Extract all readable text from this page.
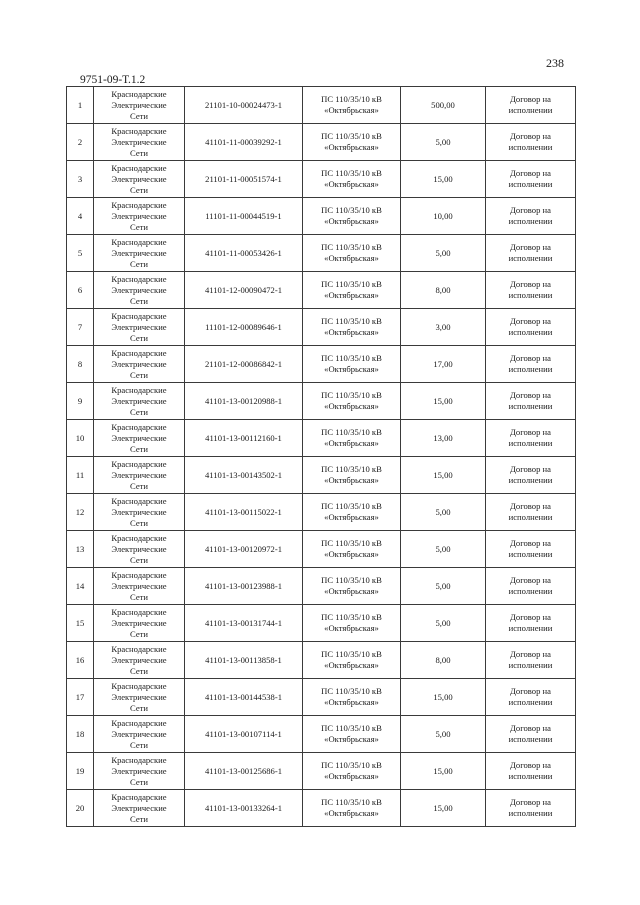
238
9751-09-Т.1.2
1	Краснодарские
Электрические
Сети	21101-10-00024473-1	ПС 110/35/10 кВ
«Октябрьская»	500,00	Договор на
исполнении

2	Краснодарские
Электрические
Сети	41101-11-00039292-1	ПС 110/35/10 кВ
«Октябрьская»	5,00	Договор на
исполнении

3	Краснодарские
Электрические
Сети	21101-11-00051574-1	ПС 110/35/10 кВ
«Октябрьская»	15,00	Договор на
исполнении

4	Краснодарские
Электрические
Сети	11101-11-00044519-1	ПС 110/35/10 кВ
«Октябрьская»	10,00	Договор на
исполнении

5	Краснодарские
Электрические
Сети	41101-11-00053426-1	ПС 110/35/10 кВ
«Октябрьская»	5,00	Договор на
исполнении

6	Краснодарские
Электрические
Сети	41101-12-00090472-1	ПС 110/35/10 кВ
«Октябрьская»	8,00	Договор на
исполнении

7	Краснодарские
Электрические
Сети	11101-12-00089646-1	ПС 110/35/10 кВ
«Октябрьская»	3,00	Договор на
исполнении

8	Краснодарские
Электрические
Сети	21101-12-00086842-1	ПС 110/35/10 кВ
«Октябрьская»	17,00	Договор на
исполнении

9	Краснодарские
Электрические
Сети	41101-13-00120988-1	ПС 110/35/10 кВ
«Октябрьская»	15,00	Договор на
исполнении

10	Краснодарские
Электрические
Сети	41101-13-00112160-1	ПС 110/35/10 кВ
«Октябрьская»	13,00	Договор на
исполнении

11	Краснодарские
Электрические
Сети	41101-13-00143502-1	ПС 110/35/10 кВ
«Октябрьская»	15,00	Договор на
исполнении

12	Краснодарские
Электрические
Сети	41101-13-00115022-1	ПС 110/35/10 кВ
«Октябрьская»	5,00	Договор на
исполнении

13	Краснодарские
Электрические
Сети	41101-13-00120972-1	ПС 110/35/10 кВ
«Октябрьская»	5,00	Договор на
исполнении

14	Краснодарские
Электрические
Сети	41101-13-00123988-1	ПС 110/35/10 кВ
«Октябрьская»	5,00	Договор на
исполнении

15	Краснодарские
Электрические
Сети	41101-13-00131744-1	ПС 110/35/10 кВ
«Октябрьская»	5,00	Договор на
исполнении

16	Краснодарские
Электрические
Сети	41101-13-00113858-1	ПС 110/35/10 кВ
«Октябрьская»	8,00	Договор на
исполнении

17	Краснодарские
Электрические
Сети	41101-13-00144538-1	ПС 110/35/10 кВ
«Октябрьская»	15,00	Договор на
исполнении

18	Краснодарские
Электрические
Сети	41101-13-00107114-1	ПС 110/35/10 кВ
«Октябрьская»	5,00	Договор на
исполнении

19	Краснодарские
Электрические
Сети	41101-13-00125686-1	ПС 110/35/10 кВ
«Октябрьская»	15,00	Договор на
исполнении

20	Краснодарские
Электрические
Сети	41101-13-00133264-1	ПС 110/35/10 кВ
«Октябрьская»	15,00	Договор на
исполнении
